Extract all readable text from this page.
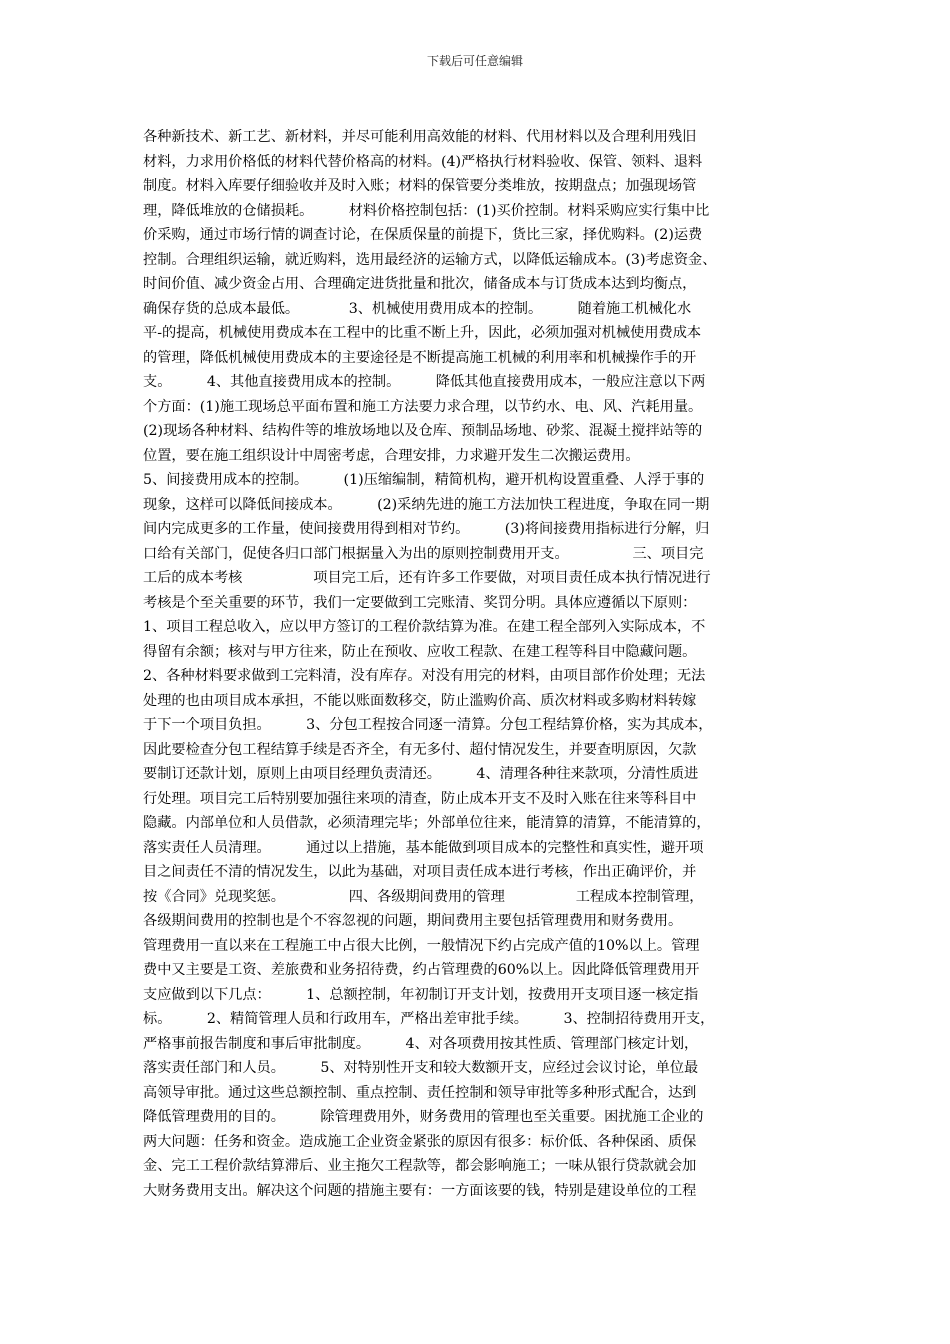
下载后可任意编辑
各种新技术、新工艺、新材料，并尽可能利用高效能的材料、代用材料以及合理利用残旧
材料，力求用价格低的材料代替价格高的材料。(4)严格执行材料验收、保管、领料、退料
制度。材料入库要仔细验收并及时入账；材料的保管要分类堆放，按期盘点；加强现场管
理，降低堆放的仓储损耗。　　　材料价格控制包括：(1)买价控制。材料采购应实行集中比
价采购，通过市场行情的调查讨论，在保质保量的前提下，货比三家，择优购料。(2)运费
控制。合理组织运输，就近购料，选用最经济的运输方式，以降低运输成本。(3)考虑资金、
时间价值、减少资金占用、合理确定进货批量和批次，储备成本与订货成本达到均衡点，
确保存货的总成本最低。　　　　3、机械使用费用成本的控制。　　　随着施工机械化水
平-的提高，机械使用费成本在工程中的比重不断上升，因此，必须加强对机械使用费成本
的管理，降低机械使用费成本的主要途径是不断提高施工机械的利用率和机械操作手的开
支。　　　4、其他直接费用成本的控制。　　　降低其他直接费用成本，一般应注意以下两
个方面：(1)施工现场总平面布置和施工方法要力求合理，以节约水、电、风、汽耗用量。
(2)现场各种材料、结构件等的堆放场地以及仓库、预制品场地、砂浆、混凝土搅拌站等的
位置，要在施工组织设计中周密考虑，合理安排，力求避开发生二次搬运费用。
5、间接费用成本的控制。　　　(1)压缩编制，精简机构，避开机构设置重叠、人浮于事的
现象，这样可以降低间接成本。　　　(2)采纳先进的施工方法加快工程进度，争取在同一期
间内完成更多的工作量，使间接费用得到相对节约。　　　(3)将间接费用指标进行分解，归
口给有关部门，促使各归口部门根据量入为出的原则控制费用开支。　　　　　三、项目完
工后的成本考核　　　　　项目完工后，还有许多工作要做，对项目责任成本执行情况进行
考核是个至关重要的环节，我们一定要做到工完账清、奖罚分明。具体应遵循以下原则：
1、项目工程总收入，应以甲方签订的工程价款结算为准。在建工程全部列入实际成本，不
得留有余额；核对与甲方往来，防止在预收、应收工程款、在建工程等科目中隐藏问题。
2、各种材料要求做到工完料清，没有库存。对没有用完的材料，由项目部作价处理；无法
处理的也由项目成本承担，不能以账面数移交，防止滥购价高、质次材料或多购材料转嫁
于下一个项目负担。　　　3、分包工程按合同逐一清算。分包工程结算价格，实为其成本，
因此要检查分包工程结算手续是否齐全，有无多付、超付情况发生，并要查明原因，欠款
要制订还款计划，原则上由项目经理负责清还。　　　4、清理各种往来款项，分清性质进
行处理。项目完工后特别要加强往来项的清查，防止成本开支不及时入账在往来等科目中
隐藏。内部单位和人员借款，必须清理完毕；外部单位往来，能清算的清算，不能清算的，
落实责任人员清理。　　　通过以上措施，基本能做到项目成本的完整性和真实性，避开项
目之间责任不清的情况发生，以此为基础，对项目责任成本进行考核，作出正确评价，并
按《合同》兑现奖惩。　　　　　四、各级期间费用的管理　　　　　工程成本控制管理，
各级期间费用的控制也是个不容忽视的问题，期间费用主要包括管理费用和财务费用。
管理费用一直以来在工程施工中占很大比例，一般情况下约占完成产值的10%以上。管理
费中又主要是工资、差旅费和业务招待费，约占管理费的60%以上。因此降低管理费用开
支应做到以下几点：　　　1、总额控制，年初制订开支计划，按费用开支项目逐一核定指
标。　　　2、精简管理人员和行政用车，严格出差审批手续。　　　3、控制招待费用开支，
严格事前报告制度和事后审批制度。　　　4、对各项费用按其性质、管理部门核定计划，
落实责任部门和人员。　　　5、对特别性开支和较大数额开支，应经过会议讨论，单位最
高领导审批。通过这些总额控制、重点控制、责任控制和领导审批等多种形式配合，达到
降低管理费用的目的。　　　除管理费用外，财务费用的管理也至关重要。困扰施工企业的
两大问题：任务和资金。造成施工企业资金紧张的原因有很多：标价低、各种保函、质保
金、完工工程价款结算滞后、业主拖欠工程款等，都会影响施工；一味从银行贷款就会加
大财务费用支出。解决这个问题的措施主要有：一方面该要的钱，特别是建设单位的工程
